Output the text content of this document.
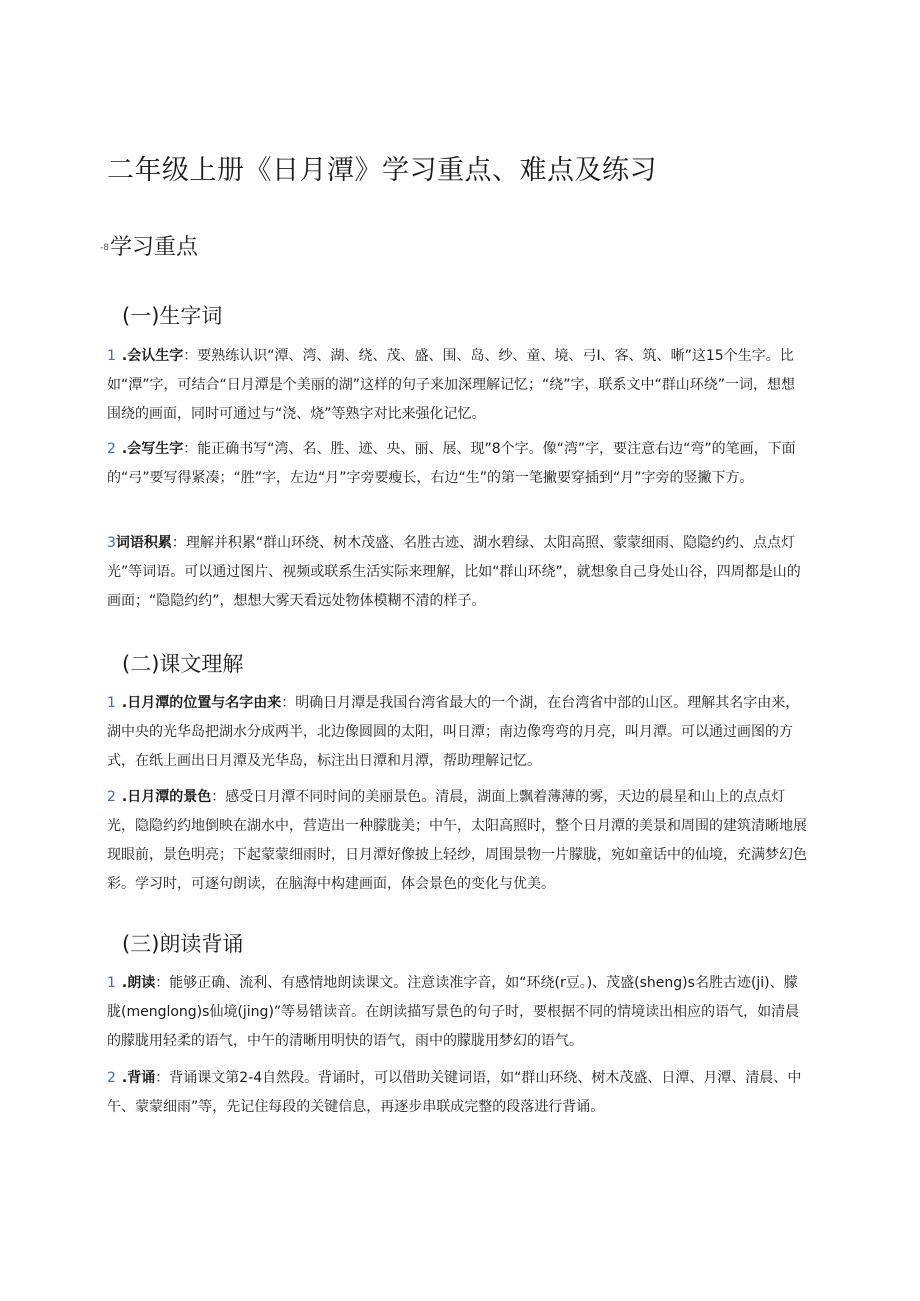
二年级上册《日月潭》学习重点、难点及练习
-8学习重点
(一)生字词

1 .会认生字：要熟练认识“潭、湾、湖、绕、茂、盛、围、岛、纱、童、境、弓I、客、筑、晰”这15个生字。比如“潭”字，可结合“日月潭是个美丽的湖”这样的句子来加深理解记忆；“绕”字，联系文中“群山环绕”一词，想想围绕的画面，同时可通过与“浇、烧”等熟字对比来强化记忆。

2 .会写生字：能正确书写“湾、名、胜、迹、央、丽、展、现”8个字。像“湾”字，要注意右边“弯”的笔画，下面的“弓”要写得紧凑；“胜”字，左边“月”字旁要瘦长，右边“生”的第一笔撇要穿插到“月”字旁的竖撇下方。

3词语积累：理解并积累“群山环绕、树木茂盛、名胜古迹、湖水碧绿、太阳高照、蒙蒙细雨、隐隐约约、点点灯光”等词语。可以通过图片、视频或联系生活实际来理解，比如“群山环绕”，就想象自己身处山谷，四周都是山的画面；“隐隐约约”，想想大雾天看远处物体模糊不清的样子。

(二)课文理解

1 .日月潭的位置与名字由来：明确日月潭是我国台湾省最大的一个湖，在台湾省中部的山区。理解其名字由来，湖中央的光华岛把湖水分成两半，北边像圆圆的太阳，叫日潭；南边像弯弯的月亮，叫月潭。可以通过画图的方式，在纸上画出日月潭及光华岛，标注出日潭和月潭，帮助理解记忆。

2 .日月潭的景色：感受日月潭不同时间的美丽景色。清晨，湖面上飘着薄薄的雾，天边的晨星和山上的点点灯光，隐隐约约地倒映在湖水中，营造出一种朦胧美；中午，太阳高照时，整个日月潭的美景和周围的建筑清晰地展现眼前，景色明亮；下起蒙蒙细雨时，日月潭好像披上轻纱，周围景物一片朦胧，宛如童话中的仙境，充满梦幻色彩。学习时，可逐句朗读，在脑海中构建画面，体会景色的变化与优美。

(三)朗读背诵

1 .朗读：能够正确、流利、有感情地朗读课文。注意读准字音，如“环绕(r豆。)、茂盛(sheng)s名胜古迹(ji)、朦胧(menglong)s仙境(jing)”等易错读音。在朗读描写景色的句子时，要根据不同的情境读出相应的语气，如清晨的朦胧用轻柔的语气，中午的清晰用明快的语气，雨中的朦胧用梦幻的语气。

2 .背诵：背诵课文第2-4自然段。背诵时，可以借助关键词语，如“群山环绕、树木茂盛、日潭、月潭、清晨、中午、蒙蒙细雨”等，先记住每段的关键信息，再逐步串联成完整的段落进行背诵。
